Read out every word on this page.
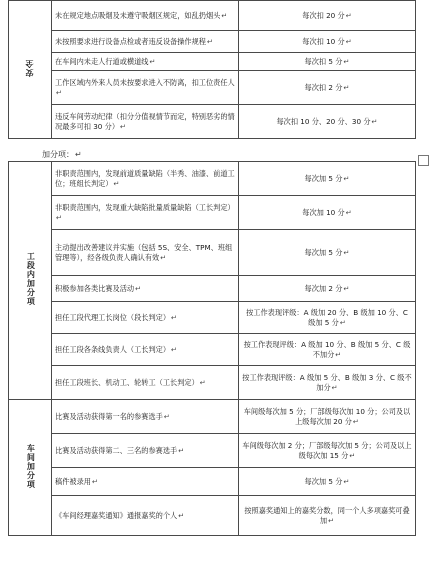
安全	未在规定地点吸烟及未遵守吸烟区规定，如乱扔烟头↵	每次扣 20 分↵
	未按照要求进行设备点检或者违反设备操作规程↵	每次扣 10 分↵
	在车间内未走人行道或横道线↵	每次扣 5 分↵
	工作区域内外来人员未按要求进入不防离，扣工位责任人↵	每次扣 2 分↵
	违反车间劳动纪律（扣分分值视情节而定，特别恶劣的情况最多可扣 30 分）↵	每次扣 10 分、20 分、30 分↵
加分项：↵
工段内加分项	非职责范围内，发现前道质量缺陷（半秀、油漆、前道工位；班组长判定）↵	每次加 5 分↵
	非职责范围内，发现重大缺陷批量质量缺陷（工长判定）↵	每次加 10 分↵
	主动提出改善建议并实施（包括 5S、安全、TPM、班组管理等），经各级负责人确认有效↵	每次加 5 分↵
	积极参加各类比赛及活动↵	每次加 2 分↵
	担任工段代理工长岗位（段长判定）↵	按工作表现评级：A 级加 20 分、B 级加 10 分、C 级加 5 分↵
	担任工段各条线负责人（工长判定）↵	按工作表现评级：A 级加 10 分、B 级加 5 分、C 级不加分↵
	担任工段班长、机动工、轮转工（工长判定）↵	按工作表现评级：A 级加 5 分、B 级加 3 分、C 级不加分↵
车间加分项	比赛及活动获得第一名的参赛选手↵	车间级每次加 5 分；厂部级每次加 10 分；公司及以上级每次加 20 分↵
	比赛及活动获得第二、三名的参赛选手↵	车间级每次加 2 分；厂部级每次加 5 分；公司及以上级每次加 15 分↵
	稿件被录用↵	每次加 5 分↵
	《车间经理嘉奖通知》通报嘉奖的个人↵	按照嘉奖通知上的嘉奖分数，同一个人多项嘉奖可叠加↵
